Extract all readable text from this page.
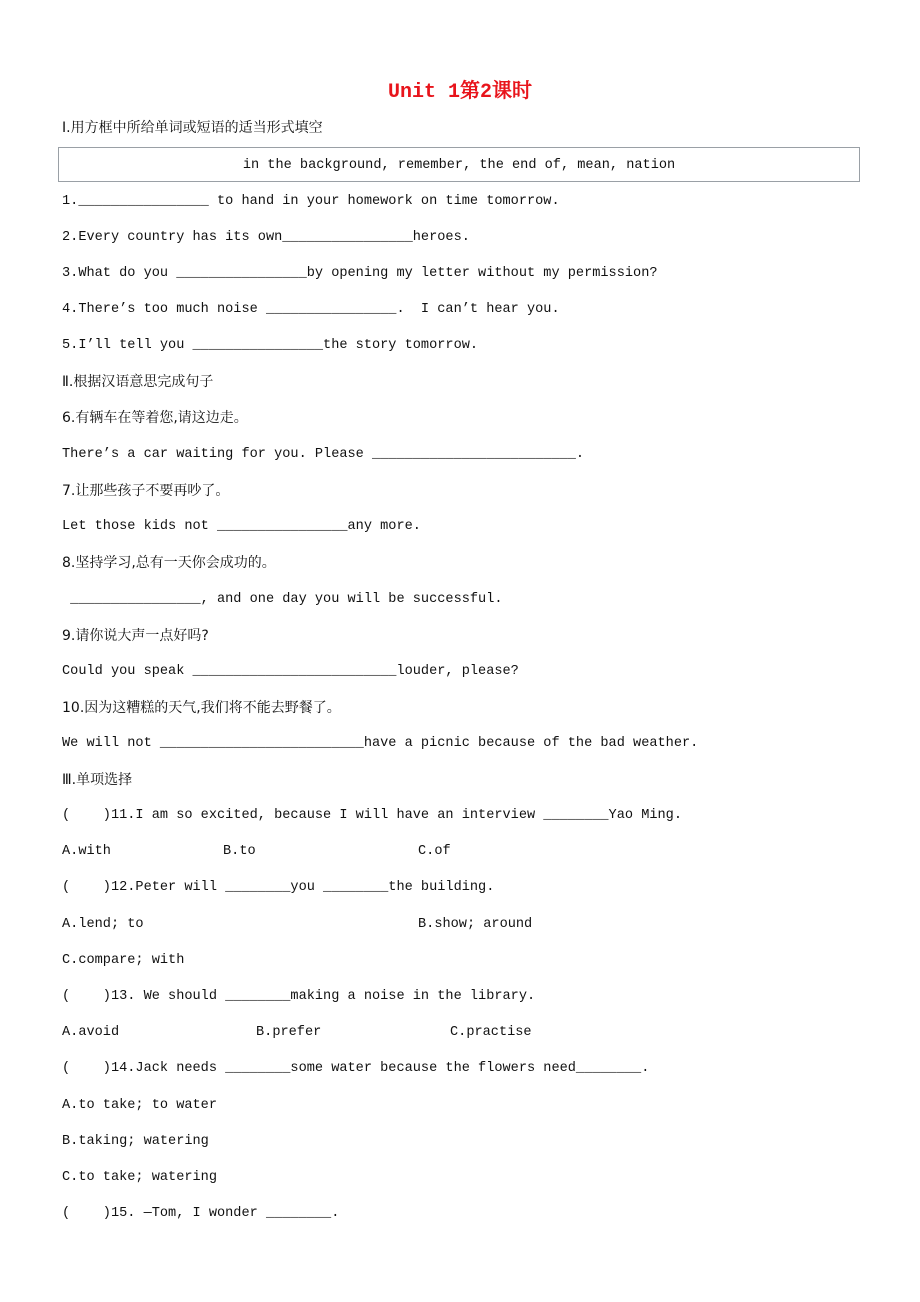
Unit 1第2课时
Ⅰ.用方框中所给单词或短语的适当形式填空
in the background, remember, the end of, mean, nation
1.________________ to hand in your homework on time tomorrow.
2.Every country has its own________________heroes.
3.What do you ________________by opening my letter without my permission?
4.There’s too much noise ________________.  I can’t hear you.
5.I’ll tell you ________________the story tomorrow.
Ⅱ.根据汉语意思完成句子
6.有辆车在等着您,请这边走。
There’s a car waiting for you. Please _________________________.
7.让那些孩子不要再吵了。
Let those kids not ________________any more.
8.坚持学习,总有一天你会成功的。
________________, and one day you will be successful.
9.请你说大声一点好吗?
Could you speak _________________________louder, please?
10.因为这糟糕的天气,我们将不能去野餐了。
We will not _________________________have a picnic because of the bad weather.
Ⅲ.单项选择
(    )11.I am so excited, because I will have an interview ________Yao Ming.
A.with	B.to	C.of
(    )12.Peter will ________you ________the building.
A.lend; to	B.show; around
C.compare; with
(    )13. We should ________making a noise in the library.
A.avoid	B.prefer	C.practise
(    )14.Jack needs ________some water because the flowers need________.
A.to take; to water
B.taking; watering
C.to take; watering
(    )15. —Tom, I wonder ________.
